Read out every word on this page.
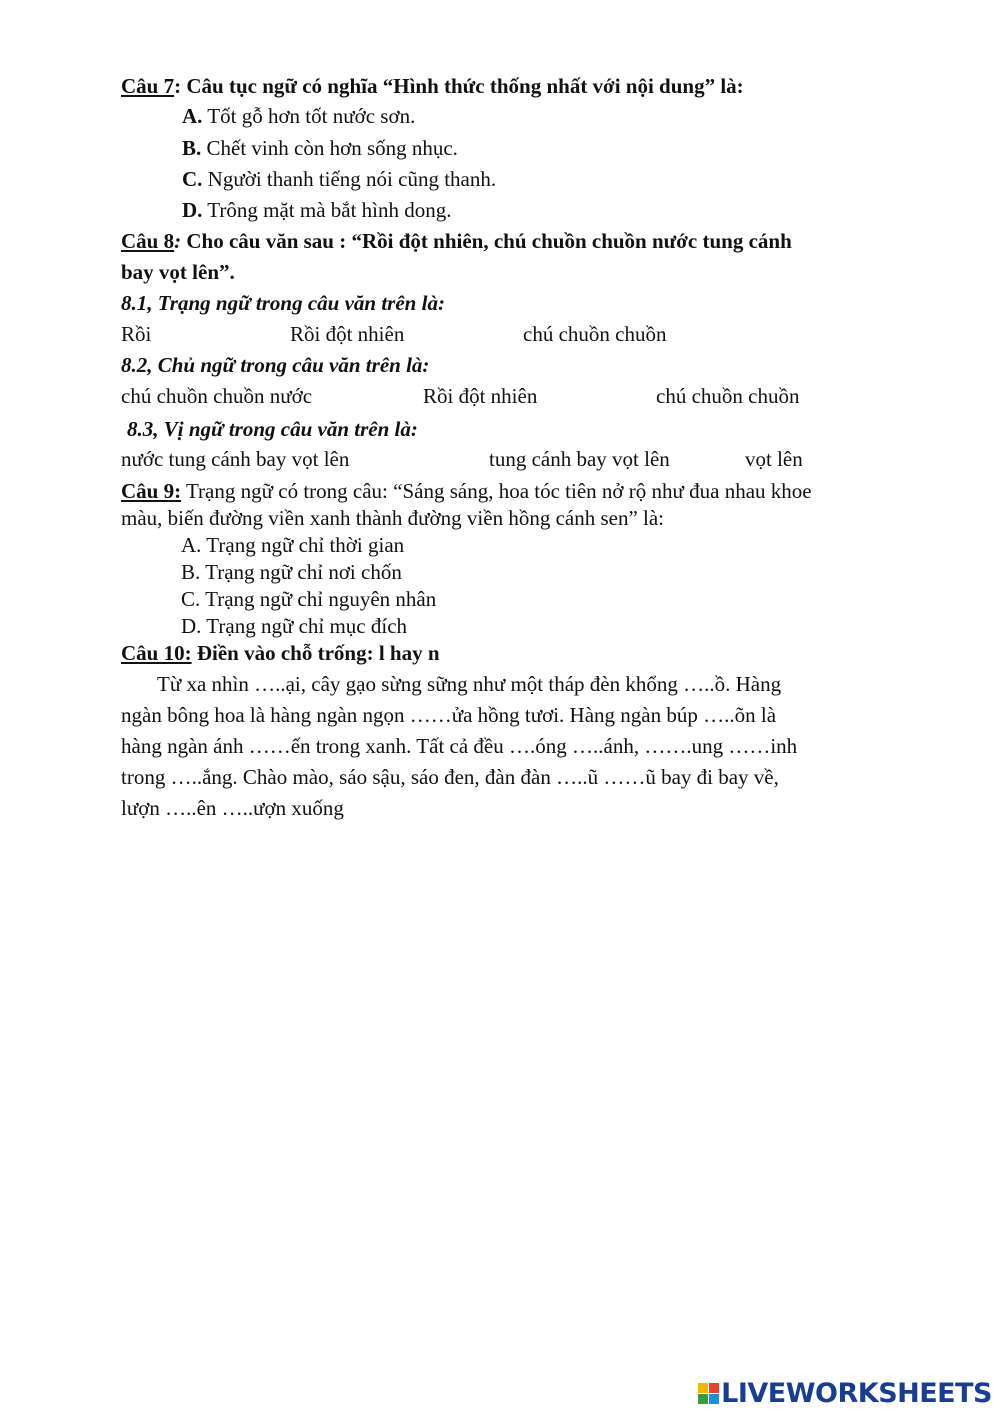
Câu 7: Câu tục ngữ có nghĩa “Hình thức thống nhất với nội dung” là:
A. Tốt gỗ hơn tốt nước sơn.
B. Chết vinh còn hơn sống nhục.
C. Người thanh tiếng nói cũng thanh.
D. Trông mặt mà bắt hình dong.
Câu 8: Cho câu văn sau : “Rồi đột nhiên, chú chuồn chuồn nước tung cánh
bay vọt lên”.
8.1, Trạng ngữ trong câu văn trên là:
Rồi	Rồi đột nhiên	chú chuồn chuồn
8.2, Chủ ngữ trong câu văn trên là:
chú chuồn chuồn nước	Rồi đột nhiên	chú chuồn chuồn
8.3, Vị ngữ trong câu văn trên là:
nước tung cánh bay vọt lên	tung cánh bay vọt lên	vọt lên
Câu 9: Trạng ngữ có trong câu: “Sáng sáng, hoa tóc tiên nở rộ như đua nhau khoe
màu, biến đường viền xanh thành đường viền hồng cánh sen” là:
A. Trạng ngữ chỉ thời gian
B. Trạng ngữ chỉ nơi chốn
C. Trạng ngữ chỉ nguyên nhân
D. Trạng ngữ chỉ mục đích
Câu 10: Điền vào chỗ trống: l hay n
Từ xa nhìn …..ại, cây gạo sừng sững như một tháp đèn khổng …..ồ. Hàng
ngàn bông hoa là hàng ngàn ngọn ……ửa hồng tươi. Hàng ngàn búp …..õn là
hàng ngàn ánh ……ến trong xanh. Tất cả đều ….óng …..ánh, …….ung ……inh
trong …..ắng. Chào mào, sáo sậu, sáo đen, đàn đàn …..ũ ……ũ bay đi bay về,
lượn …..ên …..ượn xuống
LIVEWORKSHEETS
